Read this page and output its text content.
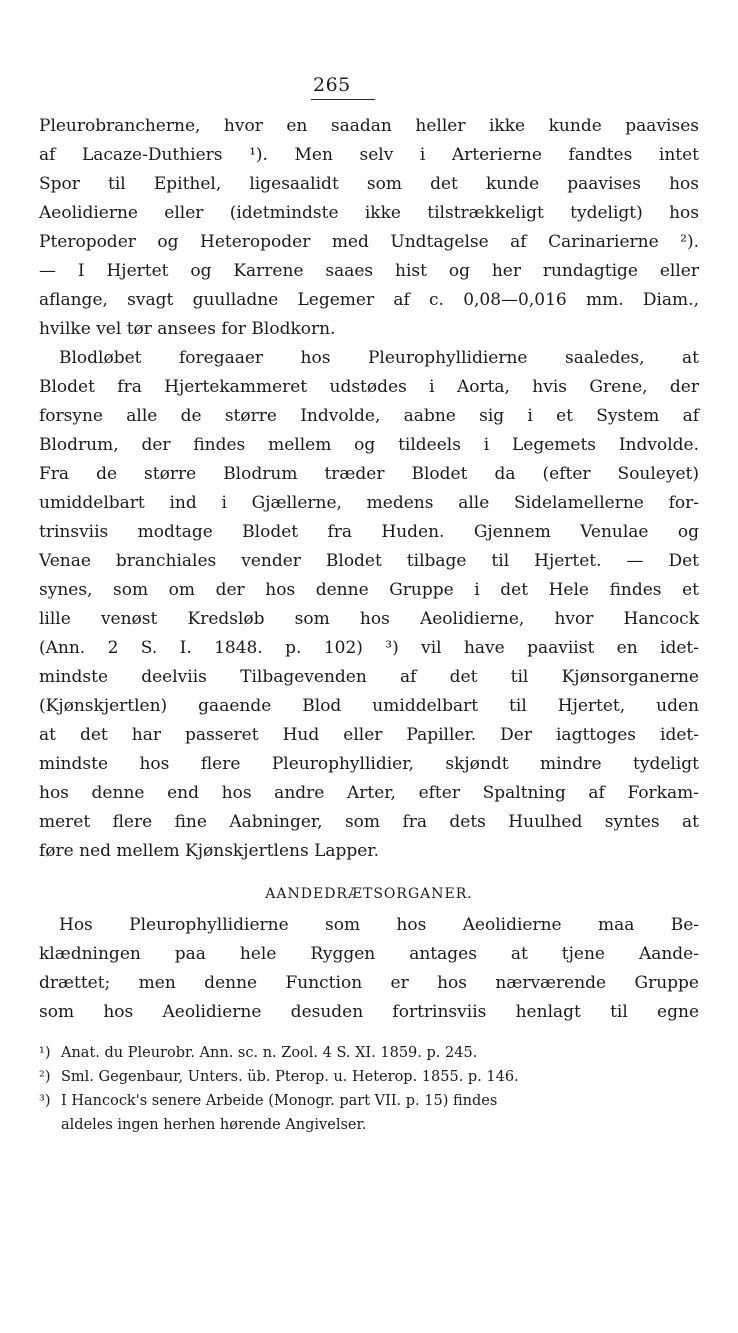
265
Pleurobrancherne, hvor en saadan heller ikke kunde paavises
af Lacaze-Duthiers ¹). Men selv i Arterierne fandtes intet
Spor til Epithel, ligesaalidt som det kunde paavises hos
Aeolidierne eller (idetmindste ikke tilstrækkeligt tydeligt) hos
Pteropoder og Heteropoder med Undtagelse af Carinarierne ²).
— I Hjertet og Karrene saaes hist og her rundagtige eller
aflange, svagt guulladne Legemer af c. 0,08—0,016 mm. Diam.,
hvilke vel tør ansees for Blodkorn.
Blodløbet foregaaer hos Pleurophyllidierne saaledes, at
Blodet fra Hjertekammeret udstødes i Aorta, hvis Grene, der
forsyne alle de større Indvolde, aabne sig i et System af
Blodrum, der findes mellem og tildeels i Legemets Indvolde.
Fra de større Blodrum træder Blodet da (efter Souleyet)
umiddelbart ind i Gjællerne, medens alle Sidelamellerne for-
trinsviis modtage Blodet fra Huden. Gjennem Venulae og
Venae branchiales vender Blodet tilbage til Hjertet. — Det
synes, som om der hos denne Gruppe i det Hele findes et
lille venøst Kredsløb som hos Aeolidierne, hvor Hancock
(Ann. 2 S. I. 1848. p. 102) ³) vil have paaviist en idet-
mindste deelviis Tilbagevenden af det til Kjønsorganerne
(Kjønskjertlen) gaaende Blod umiddelbart til Hjertet, uden
at det har passeret Hud eller Papiller. Der iagttoges idet-
mindste hos flere Pleurophyllidier, skjøndt mindre tydeligt
hos denne end hos andre Arter, efter Spaltning af Forkam-
meret flere fine Aabninger, som fra dets Huulhed syntes at
føre ned mellem Kjønskjertlens Lapper.
AANDEDRÆTSORGANER.
Hos Pleurophyllidierne som hos Aeolidierne maa Be-
klædningen paa hele Ryggen antages at tjene Aande-
drættet; men denne Function er hos nærværende Gruppe
som hos Aeolidierne desuden fortrinsviis henlagt til egne
¹) Anat. du Pleurobr. Ann. sc. n. Zool. 4 S. XI. 1859. p. 245.
²) Sml. Gegenbaur, Unters. üb. Pterop. u. Heterop. 1855. p. 146.
³) I Hancock's senere Arbeide (Monogr. part VII. p. 15) findes
aldeles ingen herhen hørende Angivelser.
